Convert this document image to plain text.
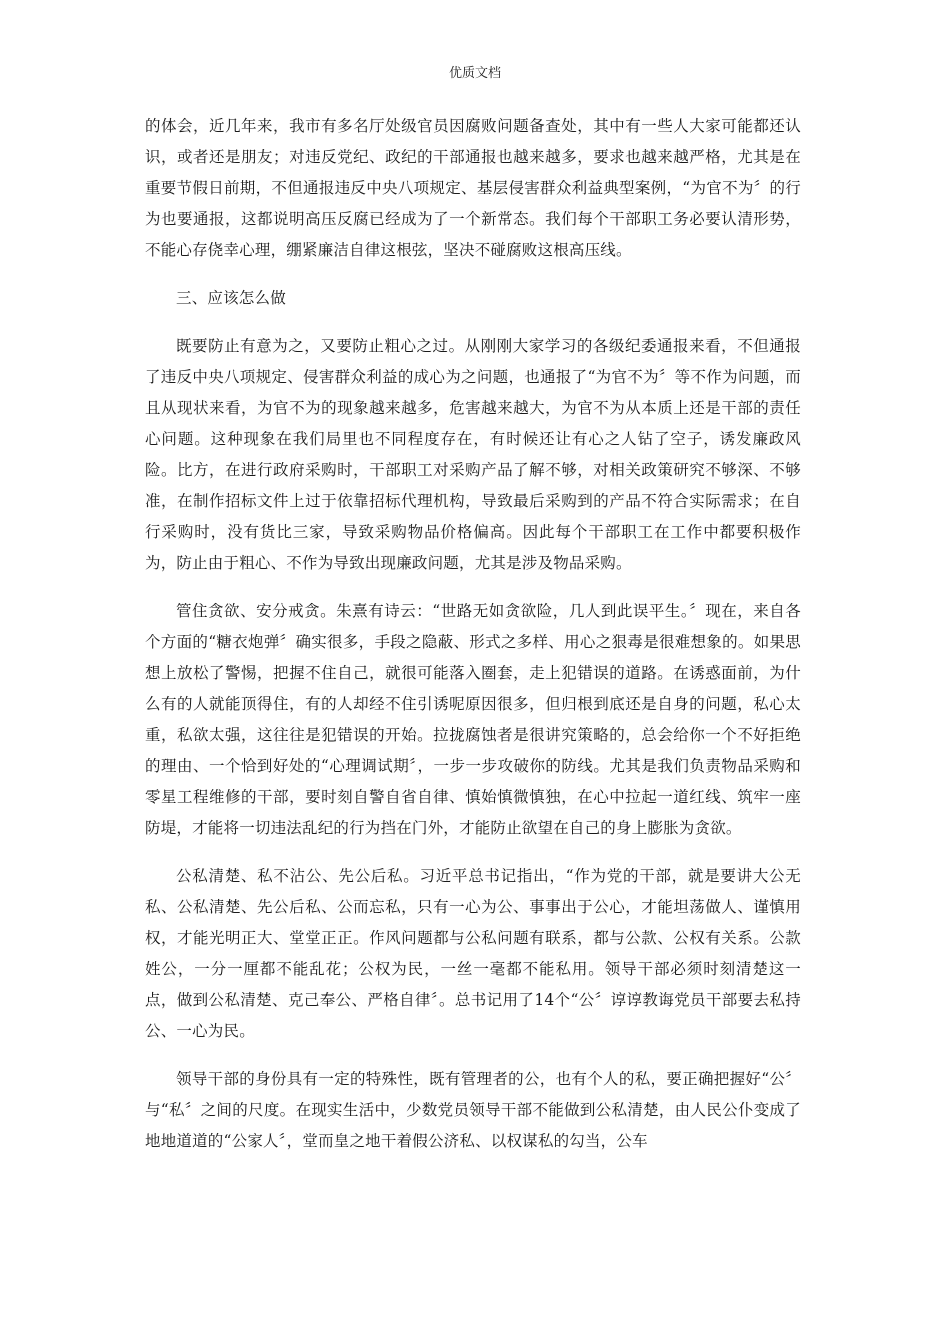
优质文档

的体会，近几年来，我市有多名厅处级官员因腐败问题备查处，其中有一些人大家可能都还认识，或者还是朋友；对违反党纪、政纪的干部通报也越来越多，要求也越来越严格，尤其是在重要节假日前期，不但通报违反中央八项规定、基层侵害群众利益典型案例，“为官不为〞的行为也要通报，这都说明高压反腐已经成为了一个新常态。我们每个干部职工务必要认清形势，不能心存侥幸心理，绷紧廉洁自律这根弦，坚决不碰腐败这根高压线。

三、应该怎么做

既要防止有意为之，又要防止粗心之过。从刚刚大家学习的各级纪委通报来看，不但通报了违反中央八项规定、侵害群众利益的成心为之问题，也通报了“为官不为〞等不作为问题，而且从现状来看，为官不为的现象越来越多，危害越来越大，为官不为从本质上还是干部的责任心问题。这种现象在我们局里也不同程度存在，有时候还让有心之人钻了空子，诱发廉政风险。比方，在进行政府采购时，干部职工对采购产品了解不够，对相关政策研究不够深、不够准，在制作招标文件上过于依靠招标代理机构，导致最后采购到的产品不符合实际需求；在自行采购时，没有货比三家，导致采购物品价格偏高。因此每个干部职工在工作中都要积极作为，防止由于粗心、不作为导致出现廉政问题，尤其是涉及物品采购。

管住贪欲、安分戒贪。朱熹有诗云：“世路无如贪欲险，几人到此误平生。〞现在，来自各个方面的“糖衣炮弹〞确实很多，手段之隐蔽、形式之多样、用心之狠毒是很难想象的。如果思想上放松了警惕，把握不住自己，就很可能落入圈套，走上犯错误的道路。在诱惑面前，为什么有的人就能顶得住，有的人却经不住引诱呢原因很多，但归根到底还是自身的问题，私心太重，私欲太强，这往往是犯错误的开始。拉拢腐蚀者是很讲究策略的，总会给你一个不好拒绝的理由、一个恰到好处的“心理调试期〞，一步一步攻破你的防线。尤其是我们负责物品采购和零星工程维修的干部，要时刻自警自省自律、慎始慎微慎独，在心中拉起一道红线、筑牢一座防堤，才能将一切违法乱纪的行为挡在门外，才能防止欲望在自己的身上膨胀为贪欲。

公私清楚、私不沾公、先公后私。习近平总书记指出，“作为党的干部，就是要讲大公无私、公私清楚、先公后私、公而忘私，只有一心为公、事事出于公心，才能坦荡做人、谨慎用权，才能光明正大、堂堂正正。作风问题都与公私问题有联系，都与公款、公权有关系。公款姓公，一分一厘都不能乱花；公权为民，一丝一毫都不能私用。领导干部必须时刻清楚这一点，做到公私清楚、克己奉公、严格自律〞。总书记用了14个“公〞谆谆教诲党员干部要去私持公、一心为民。

领导干部的身份具有一定的特殊性，既有管理者的公，也有个人的私，要正确把握好“公〞与“私〞之间的尺度。在现实生活中，少数党员领导干部不能做到公私清楚，由人民公仆变成了地地道道的“公家人〞，堂而皇之地干着假公济私、以权谋私的勾当，公车
